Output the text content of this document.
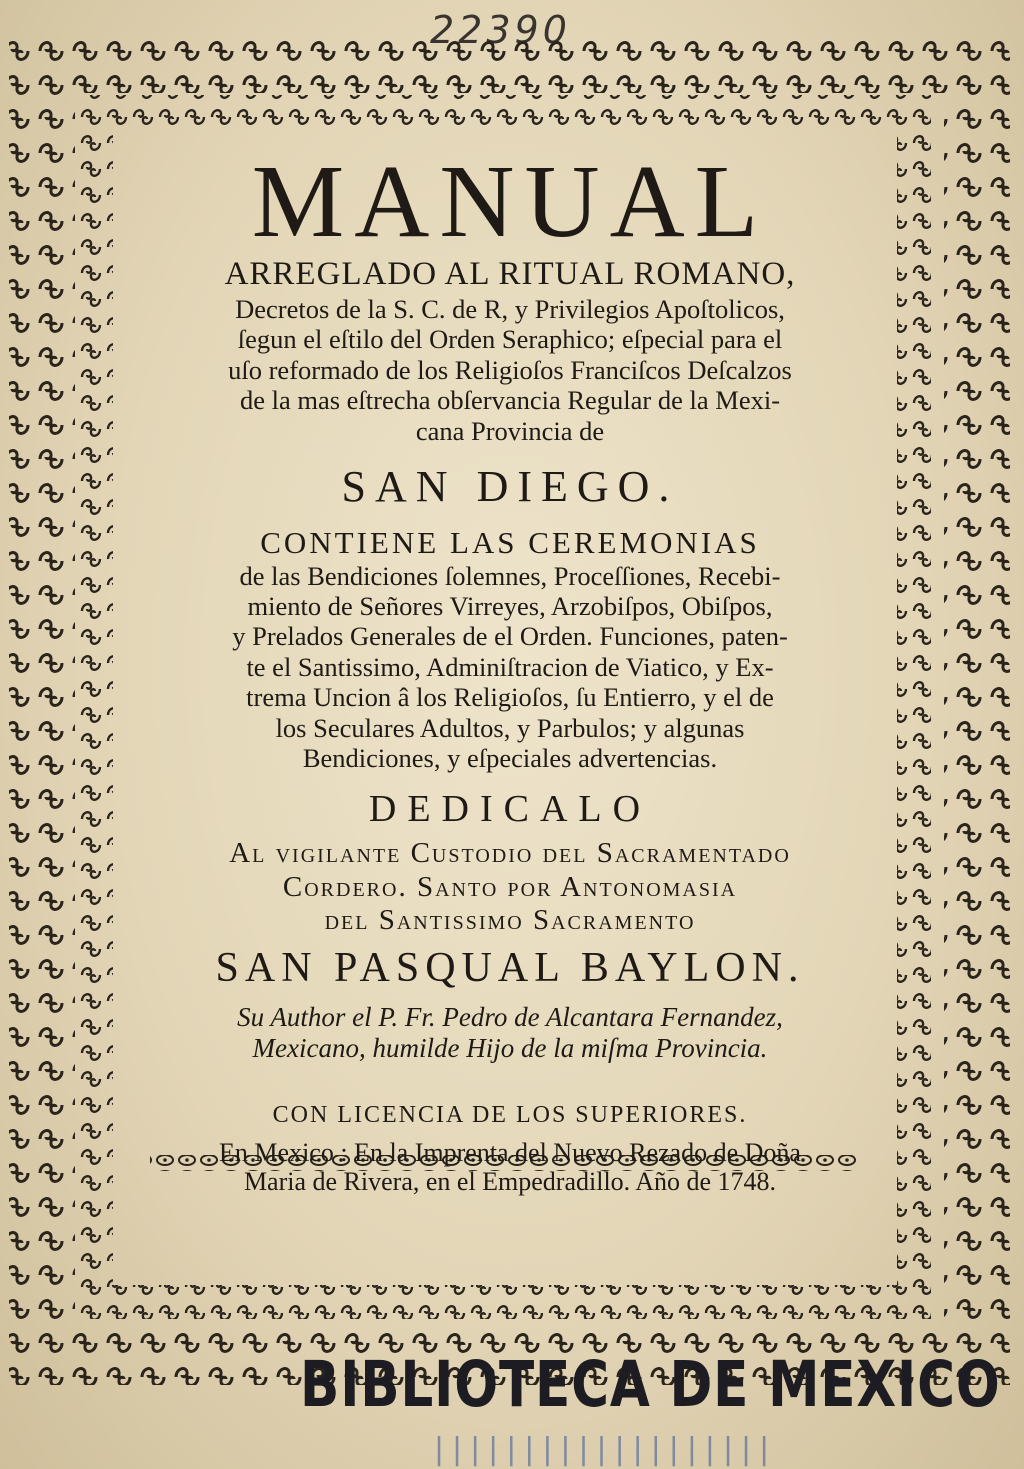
22390
MANUAL
ARREGLADO AL RITUAL ROMANO,
Decretos de la S. C. de R, y Privilegios Apoſtolicos,
ſegun el eſtilo del Orden Seraphico; eſpecial para el
uſo reformado de los Religioſos Franciſcos Deſcalzos
de la mas eſtrecha obſervancia Regular de la Mexi-
cana Provincia de
SAN DIEGO.
CONTIENE LAS CEREMONIAS
de las Bendiciones ſolemnes, Proceſſiones, Recebi-
miento de Señores Virreyes, Arzobiſpos, Obiſpos,
y Prelados Generales de el Orden. Funciones, paten-
te el Santissimo, Adminiſtracion de Viatico, y Ex-
trema Uncion â los Religioſos, ſu Entierro, y el de
los Seculares Adultos, y Parbulos; y algunas
Bendiciones, y eſpeciales advertencias.
DEDICALO
Al vigilante Custodio del Sacramentado
Cordero. Santo por Antonomasia
del Santissimo Sacramento
SAN PASQUAL BAYLON.
Su Author el P. Fr. Pedro de Alcantara Fernandez,
Mexicano, humilde Hijo de la miſma Provincia.
CON LICENCIA DE LOS SUPERIORES.
En Mexico : En la Imprenta del Nuevo Rezado de Doña
Maria de Rivera, en el Empedradillo. Año de 1748.
BIBLIOTECA DE MEXICO
|||||||||||||||||||
